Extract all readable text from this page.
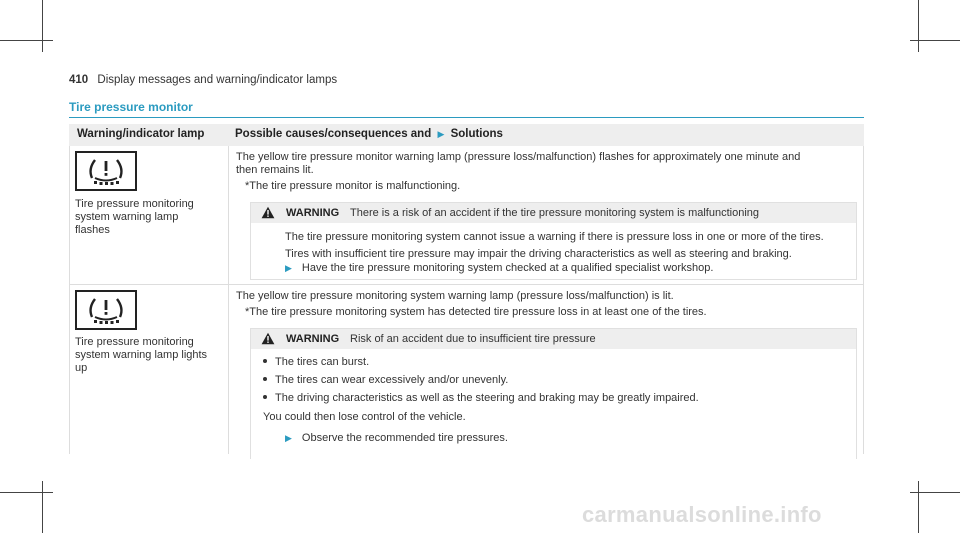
410 Display messages and warning/indicator lamps
Tire pressure monitor
Warning/indicator lamp	Possible causes/consequences and ▶ Solutions
Tire pressure monitoring
system warning lamp
flashes
The yellow tire pressure monitor warning lamp (pressure loss/malfunction) flashes for approximately one minute and
then remains lit.
*The tire pressure monitor is malfunctioning.
WARNING There is a risk of an accident if the tire pressure monitoring system is malfunctioning
The tire pressure monitoring system cannot issue a warning if there is pressure loss in one or more of the tires.
Tires with insufficient tire pressure may impair the driving characteristics as well as steering and braking.
▶ Have the tire pressure monitoring system checked at a qualified specialist workshop.
Tire pressure monitoring
system warning lamp lights
up
The yellow tire pressure monitoring system warning lamp (pressure loss/malfunction) is lit.
*The tire pressure monitoring system has detected tire pressure loss in at least one of the tires.
WARNING Risk of an accident due to insufficient tire pressure
The tires can burst.
The tires can wear excessively and/or unevenly.
The driving characteristics as well as the steering and braking may be greatly impaired.
You could then lose control of the vehicle.
▶ Observe the recommended tire pressures.
carmanualsonline.info
